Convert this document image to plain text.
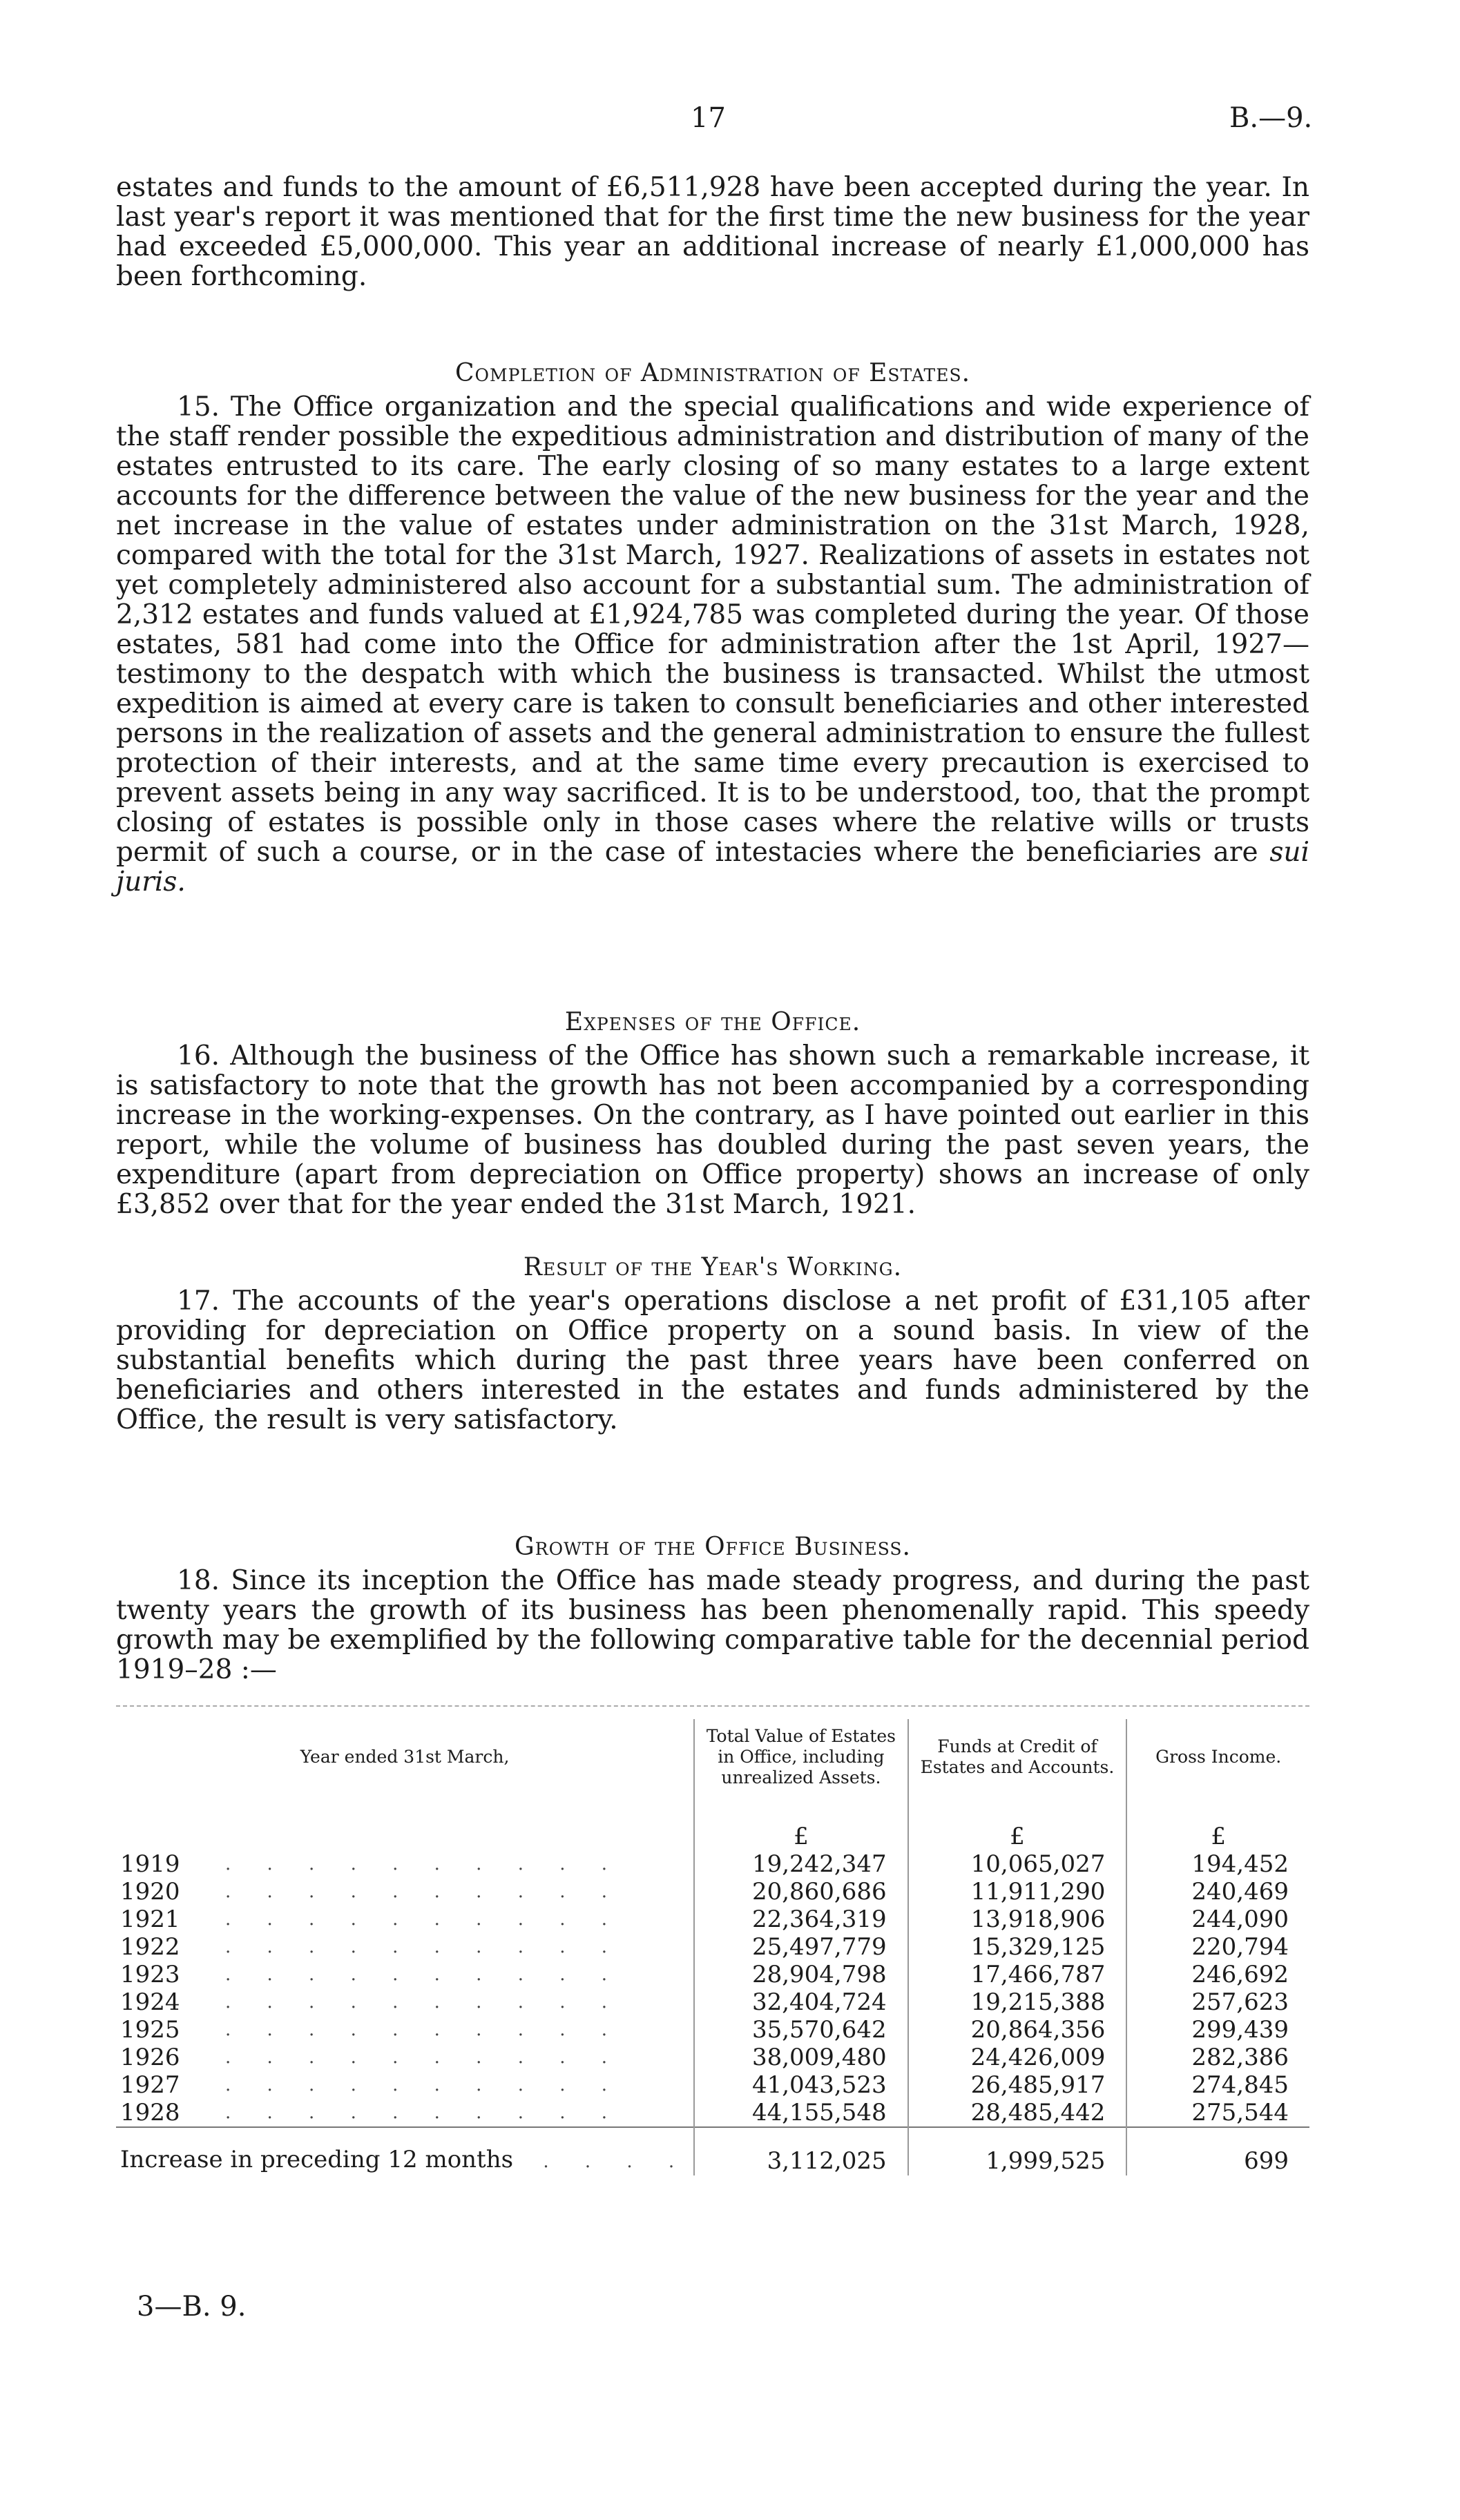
17	B.—9.

estates and funds to the amount of £6,511,928 have been accepted during the year. In last year's report it was mentioned that for the first time the new business for the year had exceeded £5,000,000. This year an additional increase of nearly £1,000,000 has been forthcoming.

Completion of Administration of Estates.

15. The Office organization and the special qualifications and wide experience of the staff render possible the expeditious administration and distribution of many of the estates entrusted to its care. The early closing of so many estates to a large extent accounts for the difference between the value of the new business for the year and the net increase in the value of estates under administration on the 31st March, 1928, compared with the total for the 31st March, 1927. Realizations of assets in estates not yet completely administered also account for a substantial sum. The administration of 2,312 estates and funds valued at £1,924,785 was completed during the year. Of those estates, 581 had come into the Office for administration after the 1st April, 1927—testimony to the despatch with which the business is transacted. Whilst the utmost expedition is aimed at every care is taken to consult beneficiaries and other interested persons in the realization of assets and the general administration to ensure the fullest protection of their interests, and at the same time every precaution is exercised to prevent assets being in any way sacrificed. It is to be understood, too, that the prompt closing of estates is possible only in those cases where the relative wills or trusts permit of such a course, or in the case of intestacies where the beneficiaries are sui juris.

Expenses of the Office.

16. Although the business of the Office has shown such a remarkable increase, it is satisfactory to note that the growth has not been accompanied by a corresponding increase in the working-expenses. On the contrary, as I have pointed out earlier in this report, while the volume of business has doubled during the past seven years, the expenditure (apart from depreciation on Office property) shows an increase of only £3,852 over that for the year ended the 31st March, 1921.

Result of the Year's Working.

17. The accounts of the year's operations disclose a net profit of £31,105 after providing for depreciation on Office property on a sound basis. In view of the substantial benefits which during the past three years have been conferred on beneficiaries and others interested in the estates and funds administered by the Office, the result is very satisfactory.

Growth of the Office Business.

18. Since its inception the Office has made steady progress, and during the past twenty years the growth of its business has been phenomenally rapid. This speedy growth may be exemplified by the following comparative table for the decennial period 1919–28 :—

Year ended 31st March,		Total Value of Estates in Office, including unrealized Assets.	Funds at Credit of Estates and Accounts.	Gross Income.
		£	£	£
1919	. . . . . . . . . .	19,242,347	10,065,027	194,452
1920	. . . . . . . . . .	20,860,686	11,911,290	240,469
1921	. . . . . . . . . .	22,364,319	13,918,906	244,090
1922	. . . . . . . . . .	25,497,779	15,329,125	220,794
1923	. . . . . . . . . .	28,904,798	17,466,787	246,692
1924	. . . . . . . . . .	32,404,724	19,215,388	257,623
1925	. . . . . . . . . .	35,570,642	20,864,356	299,439
1926	. . . . . . . . . .	38,009,480	24,426,009	282,386
1927	. . . . . . . . . .	41,043,523	26,485,917	274,845
1928	. . . . . . . . . .	44,155,548	28,485,442	275,544
Increase in preceding 12 months . . . .		3,112,025	1,999,525	699
3—B. 9.
